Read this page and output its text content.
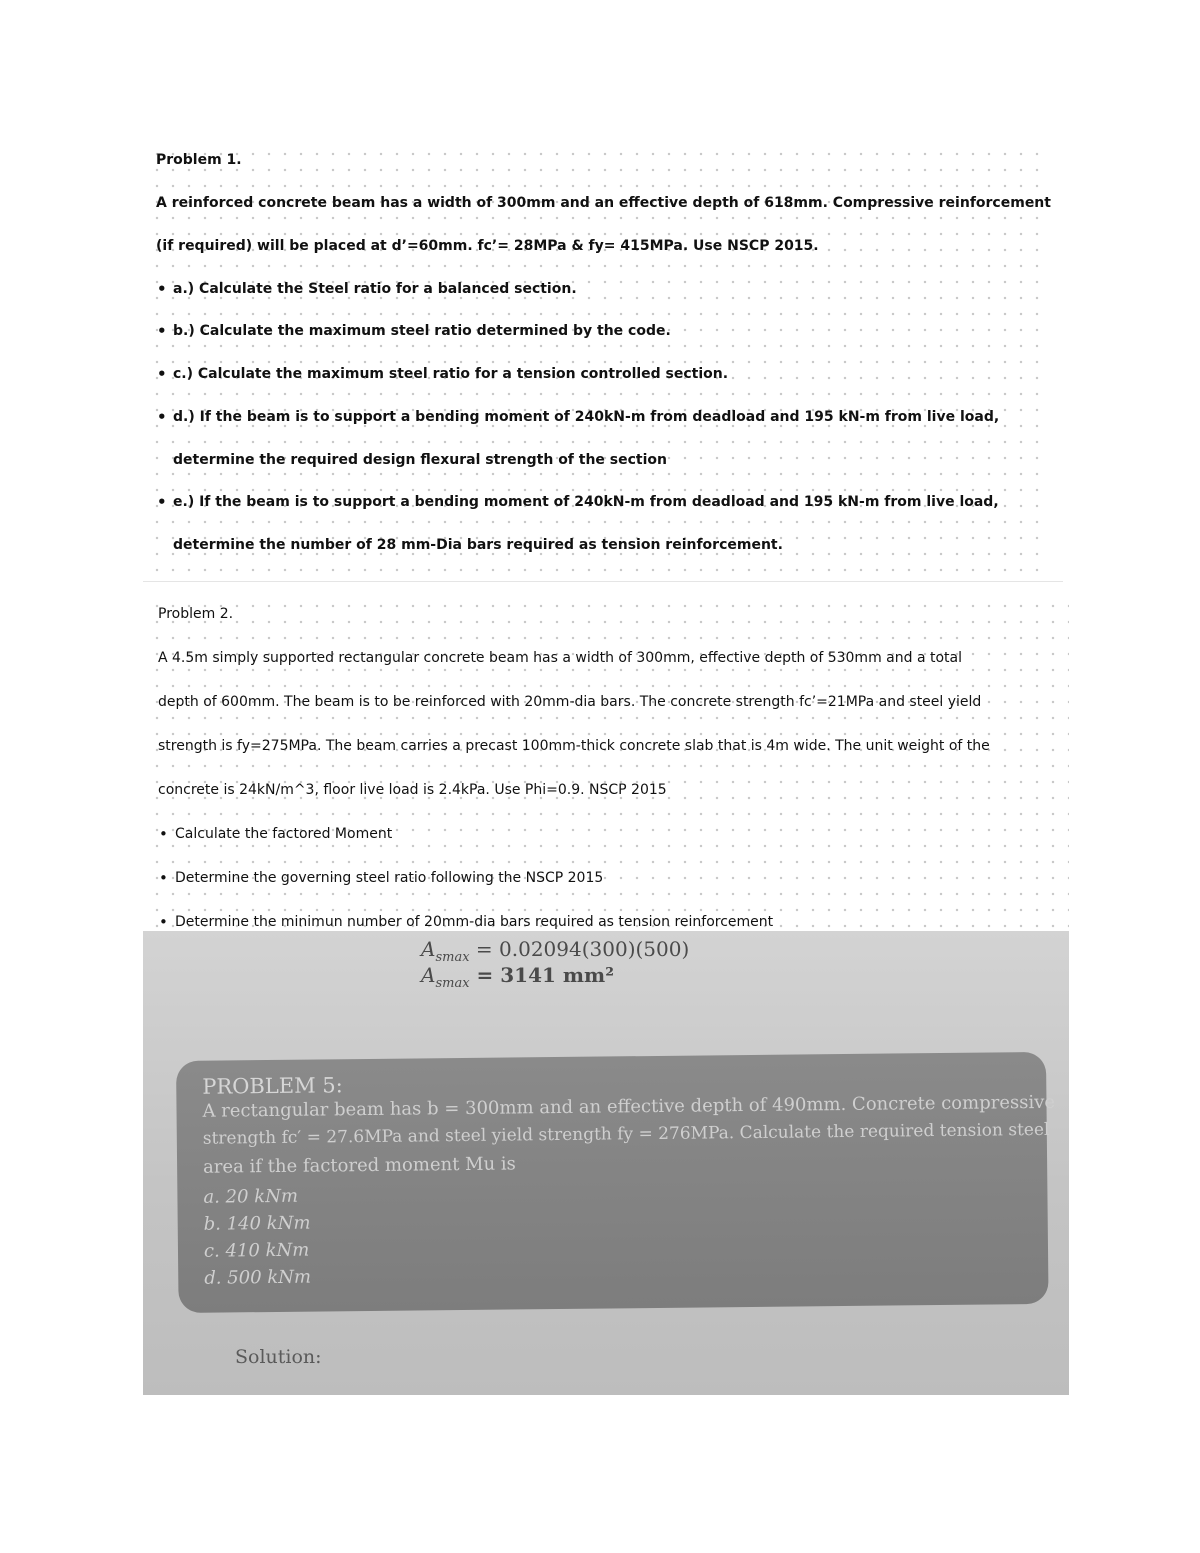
Problem 1.
A reinforced concrete beam has a width of 300mm and an effective depth of 618mm. Compressive reinforcement
(if required) will be placed at d’=60mm. fc’= 28MPa & fy= 415MPa. Use NSCP 2015.
• a.) Calculate the Steel ratio for a balanced section.
• b.) Calculate the maximum steel ratio determined by the code.
• c.) Calculate the maximum steel ratio for a tension controlled section.
• d.) If the beam is to support a bending moment of 240kN-m from deadload and 195 kN-m from live load,
determine the required design flexural strength of the section
• e.) If the beam is to support a bending moment of 240kN-m from deadload and 195 kN-m from live load,
determine the number of 28 mm-Dia bars required as tension reinforcement.
Problem 2.
A 4.5m simply supported rectangular concrete beam has a width of 300mm, effective depth of 530mm and a total
depth of 600mm. The beam is to be reinforced with 20mm-dia bars. The concrete strength fc’=21MPa and steel yield
strength is fy=275MPa. The beam carries a precast 100mm-thick concrete slab that is 4m wide. The unit weight of the
concrete is 24kN/m^3, floor live load is 2.4kPa. Use Phi=0.9. NSCP 2015
• Calculate the factored Moment
• Determine the governing steel ratio following the NSCP 2015
• Determine the minimun number of 20mm-dia bars required as tension reinforcement
$A_{smax} = 0.02094(300)(500)$
$A_{smax} = 3141$ mm²
PROBLEM 5:
A rectangular beam has b = 300mm and an effective depth of 490mm. Concrete compressive
strength fc′ = 27.6MPa and steel yield strength fy = 276MPa. Calculate the required tension steel
area if the factored moment Mu is
a. 20 kNm
b. 140 kNm
c. 410 kNm
d. 500 kNm
Solution:
